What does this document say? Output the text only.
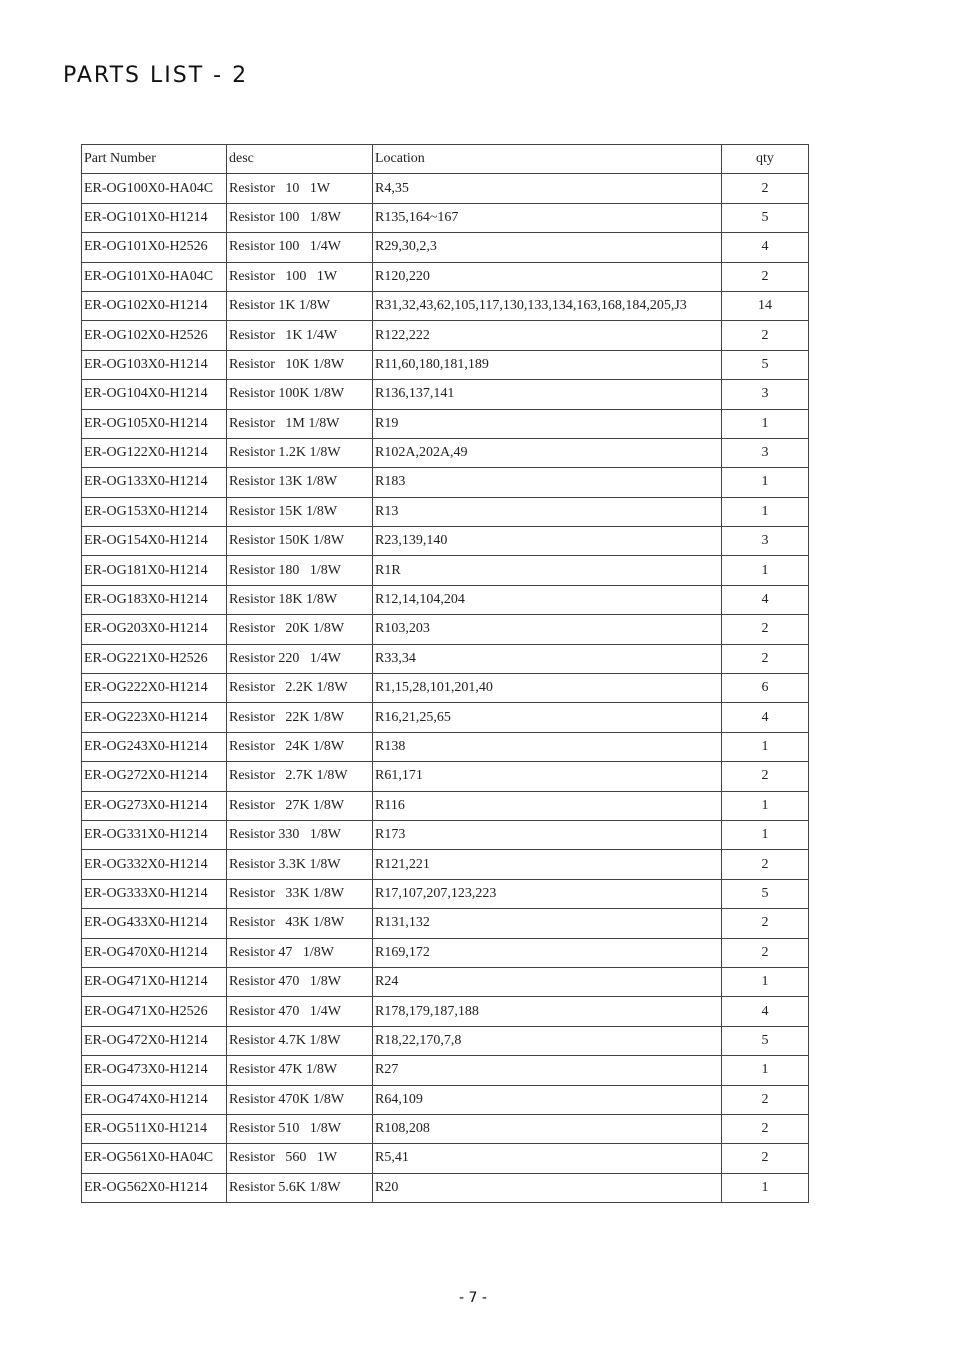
PARTS LIST - 2
Part Number	desc	Location	qty
ER-OG100X0-HA04C	Resistor   10   1W	R4,35	2
ER-OG101X0-H1214	Resistor 100   1/8W	R135,164~167	5
ER-OG101X0-H2526	Resistor 100   1/4W	R29,30,2,3	4
ER-OG101X0-HA04C	Resistor   100   1W	R120,220	2
ER-OG102X0-H1214	Resistor 1K 1/8W	R31,32,43,62,105,117,130,133,134,163,168,184,205,J3	14
ER-OG102X0-H2526	Resistor   1K 1/4W	R122,222	2
ER-OG103X0-H1214	Resistor   10K 1/8W	R11,60,180,181,189	5
ER-OG104X0-H1214	Resistor 100K 1/8W	R136,137,141	3
ER-OG105X0-H1214	Resistor   1M 1/8W	R19	1
ER-OG122X0-H1214	Resistor 1.2K 1/8W	R102A,202A,49	3
ER-OG133X0-H1214	Resistor 13K 1/8W	R183	1
ER-OG153X0-H1214	Resistor 15K 1/8W	R13	1
ER-OG154X0-H1214	Resistor 150K 1/8W	R23,139,140	3
ER-OG181X0-H1214	Resistor 180   1/8W	R1R	1
ER-OG183X0-H1214	Resistor 18K 1/8W	R12,14,104,204	4
ER-OG203X0-H1214	Resistor   20K 1/8W	R103,203	2
ER-OG221X0-H2526	Resistor 220   1/4W	R33,34	2
ER-OG222X0-H1214	Resistor   2.2K 1/8W	R1,15,28,101,201,40	6
ER-OG223X0-H1214	Resistor   22K 1/8W	R16,21,25,65	4
ER-OG243X0-H1214	Resistor   24K 1/8W	R138	1
ER-OG272X0-H1214	Resistor   2.7K 1/8W	R61,171	2
ER-OG273X0-H1214	Resistor   27K 1/8W	R116	1
ER-OG331X0-H1214	Resistor 330   1/8W	R173	1
ER-OG332X0-H1214	Resistor 3.3K 1/8W	R121,221	2
ER-OG333X0-H1214	Resistor   33K 1/8W	R17,107,207,123,223	5
ER-OG433X0-H1214	Resistor   43K 1/8W	R131,132	2
ER-OG470X0-H1214	Resistor 47   1/8W	R169,172	2
ER-OG471X0-H1214	Resistor 470   1/8W	R24	1
ER-OG471X0-H2526	Resistor 470   1/4W	R178,179,187,188	4
ER-OG472X0-H1214	Resistor 4.7K 1/8W	R18,22,170,7,8	5
ER-OG473X0-H1214	Resistor 47K 1/8W	R27	1
ER-OG474X0-H1214	Resistor 470K 1/8W	R64,109	2
ER-OG511X0-H1214	Resistor 510   1/8W	R108,208	2
ER-OG561X0-HA04C	Resistor   560   1W	R5,41	2
ER-OG562X0-H1214	Resistor 5.6K 1/8W	R20	1
- 7 -
